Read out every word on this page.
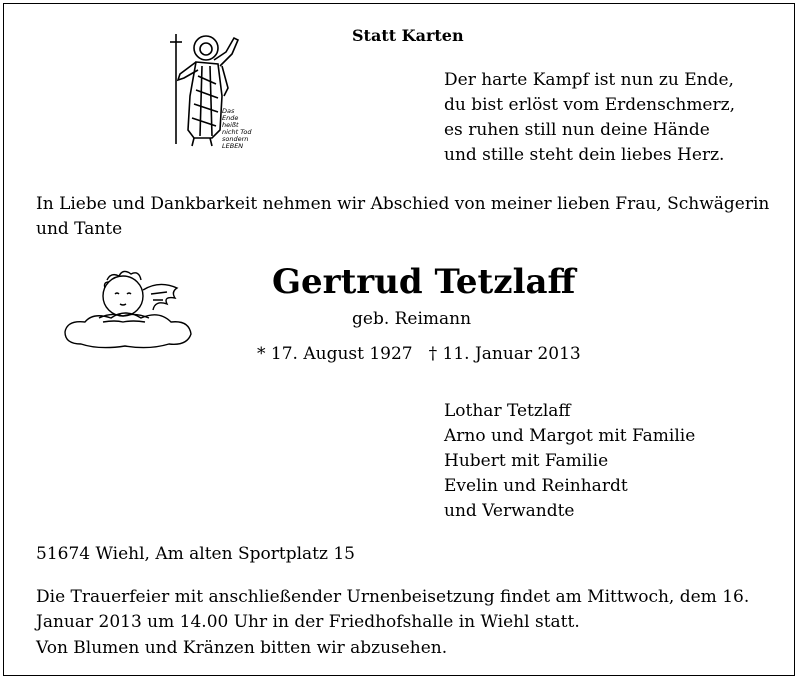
Das Ende
heißt
nicht Tod
sondern
LEBEN
Statt Karten
Der harte Kampf ist nun zu Ende,
du bist erlöst vom Erdenschmerz,
es ruhen still nun deine Hände
und stille steht dein liebes Herz.
In Liebe und Dankbarkeit nehmen wir Abschied von meiner lieben Frau, Schwägerin und Tante
Gertrud Tetzlaff
geb. Reimann
* 17. August 1927 † 11. Januar 2013
Lothar Tetzlaff
Arno und Margot mit Familie
Hubert mit Familie
Evelin und Reinhardt
und Verwandte
51674 Wiehl, Am alten Sportplatz 15
Die Trauerfeier mit anschließender Urnenbeisetzung findet am Mittwoch, dem 16. Januar 2013 um 14.00 Uhr in der Friedhofshalle in Wiehl statt.
Von Blumen und Kränzen bitten wir abzusehen.
